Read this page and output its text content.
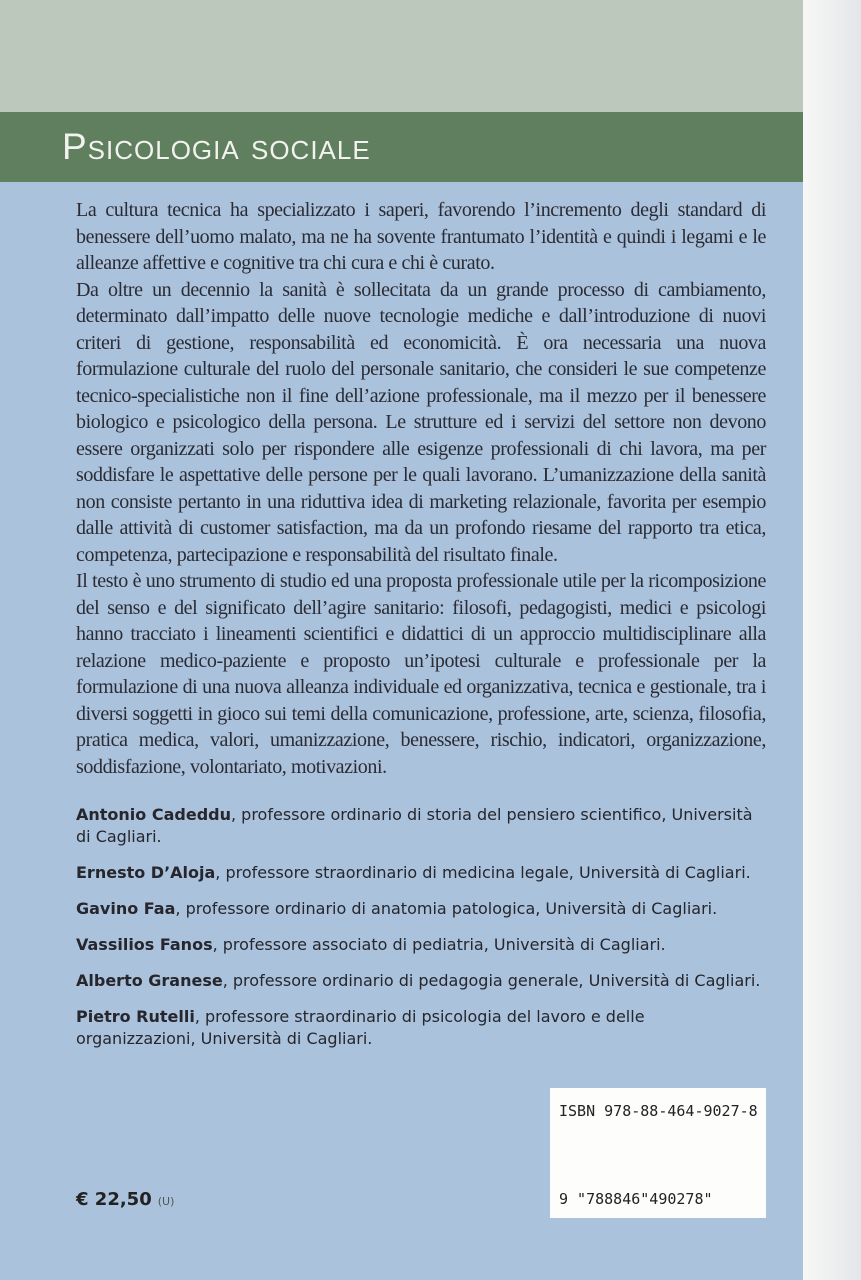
Psicologia sociale

La cultura tecnica ha specializzato i saperi, favorendo l’incremento degli standard di benessere dell’uomo malato, ma ne ha sovente frantumato l’identità e quindi i legami e le alleanze affettive e cognitive tra chi cura e chi è curato.

Da oltre un decennio la sanità è sollecitata da un grande processo di cambiamento, determinato dall’impatto delle nuove tecnologie mediche e dall’introduzione di nuovi criteri di gestione, responsabilità ed economicità. È ora necessaria una nuova formulazione culturale del ruolo del personale sanitario, che consideri le sue competenze tecnico-specialistiche non il fine dell’azione professionale, ma il mezzo per il benessere biologico e psicologico della persona. Le strutture ed i servizi del settore non devono essere organizzati solo per rispondere alle esigenze professionali di chi lavora, ma per soddisfare le aspettative delle persone per le quali lavorano. L’umanizzazione della sanità non consiste pertanto in una riduttiva idea di marketing relazionale, favorita per esempio dalle attività di customer satisfaction, ma da un profondo riesame del rapporto tra etica, competenza, partecipazione e responsabilità del risultato finale.

Il testo è uno strumento di studio ed una proposta professionale utile per la ricomposizione del senso e del significato dell’agire sanitario: filosofi, pedagogisti, medici e psicologi hanno tracciato i lineamenti scientifici e didattici di un approccio multidisciplinare alla relazione medico-paziente e proposto un’ipotesi culturale e professionale per la formulazione di una nuova alleanza individuale ed organizzativa, tecnica e gestionale, tra i diversi soggetti in gioco sui temi della comunicazione, professione, arte, scienza, filosofia, pratica medica, valori, umanizzazione, benessere, rischio, indicatori, organizzazione, soddisfazione, volontariato, motivazioni.

Antonio Cadeddu, professore ordinario di storia del pensiero scientifico, Università di Cagliari.

Ernesto D’Aloja, professore straordinario di medicina legale, Università di Cagliari.

Gavino Faa, professore ordinario di anatomia patologica, Università di Cagliari.

Vassilios Fanos, professore associato di pediatria, Università di Cagliari.

Alberto Granese, professore ordinario di pedagogia generale, Università di Cagliari.

Pietro Rutelli, professore straordinario di psicologia del lavoro e delle organizzazioni, Università di Cagliari.

€ 22,50 (U)
ISBN 978-88-464-9027-8
9 "788846"490278"
